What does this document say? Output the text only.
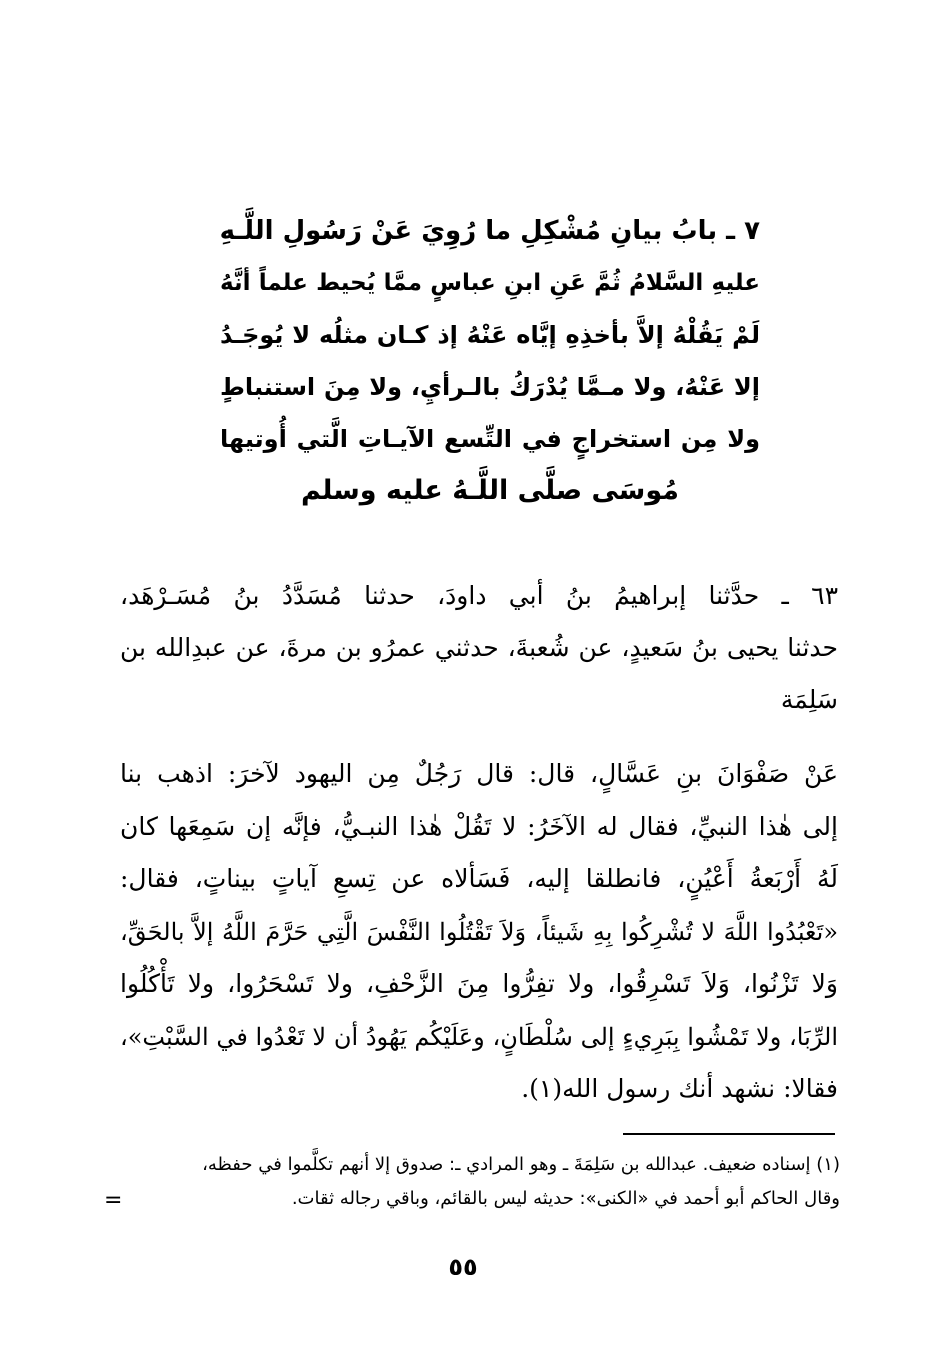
٧ ـ بابُ بيانِ مُشْكِلِ ما رُوِيَ عَنْ رَسُولِ اللَّـهِ
عليهِ السَّلامُ ثُمَّ عَنِ ابنِ عباسٍ ممَّا يُحيط علماً أنَّهُ
لَمْ يَقُلْهُ إلاَّ بأخذِهِ إيَّاه عَنْهُ إذ كـان مثلُه لا يُوجَـدُ
إلا عَنْهُ، ولا مـمَّا يُدْرَكُ بالـرأيِ، ولا مِنَ استنباطٍ
ولا مِن استخراجٍ في التِّسع الآيـاتِ الَّتي أُوتيها
مُوسَى صلَّى اللَّـهُ عليه وسلم
٦٣ ـ حدَّثنا إبراهيمُ بنُ أبي داودَ، حدثنا مُسَدَّدُ بنُ مُسَـرْهَد،
حدثنا يحيى بنُ سَعيدٍ، عن شُعبةَ، حدثني عمرُو بن مرةَ، عن عبدِالله بن
سَلِمَة
عَنْ صَفْوَانَ بنِ عَسَّالٍ، قال: قال رَجُلٌ مِن اليهود لآخرَ: اذهب بنا
إلى هٰذا النبيِّ، فقال له الآخَرُ: لا تَقُلْ هٰذا النبـيُّ، فإنَّه إن سَمِعَها كان
لَهُ أَرْبَعةُ أَعْيُنٍ، فانطلقا إليه، فَسَألاه عن تِسعِ آياتٍ بيناتٍ، فقال:
«تَعْبُدُوا اللَّهَ لا تُشْرِكُوا بِهِ شَيئاً، وَلاَ تَقْتُلُوا النَّفْسَ الَّتِي حَرَّمَ اللَّهُ إلاَّ بالحَقِّ،
وَلا تَزْنُوا، وَلاَ تَسْرِقُوا، ولا تفِرُّوا مِنَ الزَّحْفِ، ولا تَسْحَرُوا، ولا تَأْكُلُوا
الرِّبَا، ولا تَمْشُوا بِبَرِيءٍ إلى سُلْطَانٍ، وعَلَيْكُم يَهُودُ أن لا تَعْدُوا في السَّبْتِ»،
فقالا: نشهد أنك رسول الله(١).
(١) إسناده ضعيف. عبدالله بن سَلِمَةَ ـ وهو المرادي ـ: صدوق إلا أنهم تكلَّموا في حفظه،
وقال الحاكم أبو أحمد في «الكنى»: حديثه ليس بالقائم، وباقي رجاله ثقات.
=
٥٥
